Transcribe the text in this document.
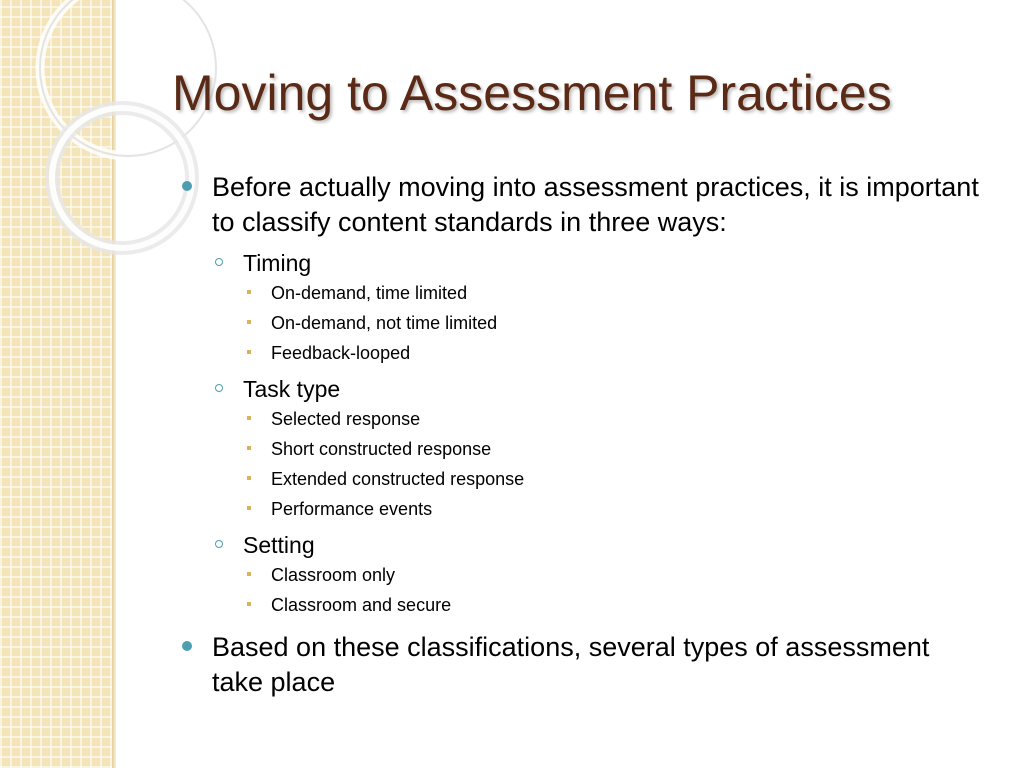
Moving to Assessment Practices
Before actually moving into assessment practices, it is important to classify content standards in three ways:
Timing
On-demand, time limited
On-demand, not time limited
Feedback-looped
Task type
Selected response
Short constructed response
Extended constructed response
Performance events
Setting
Classroom only
Classroom and secure
Based on these classifications, several types of assessment take place
